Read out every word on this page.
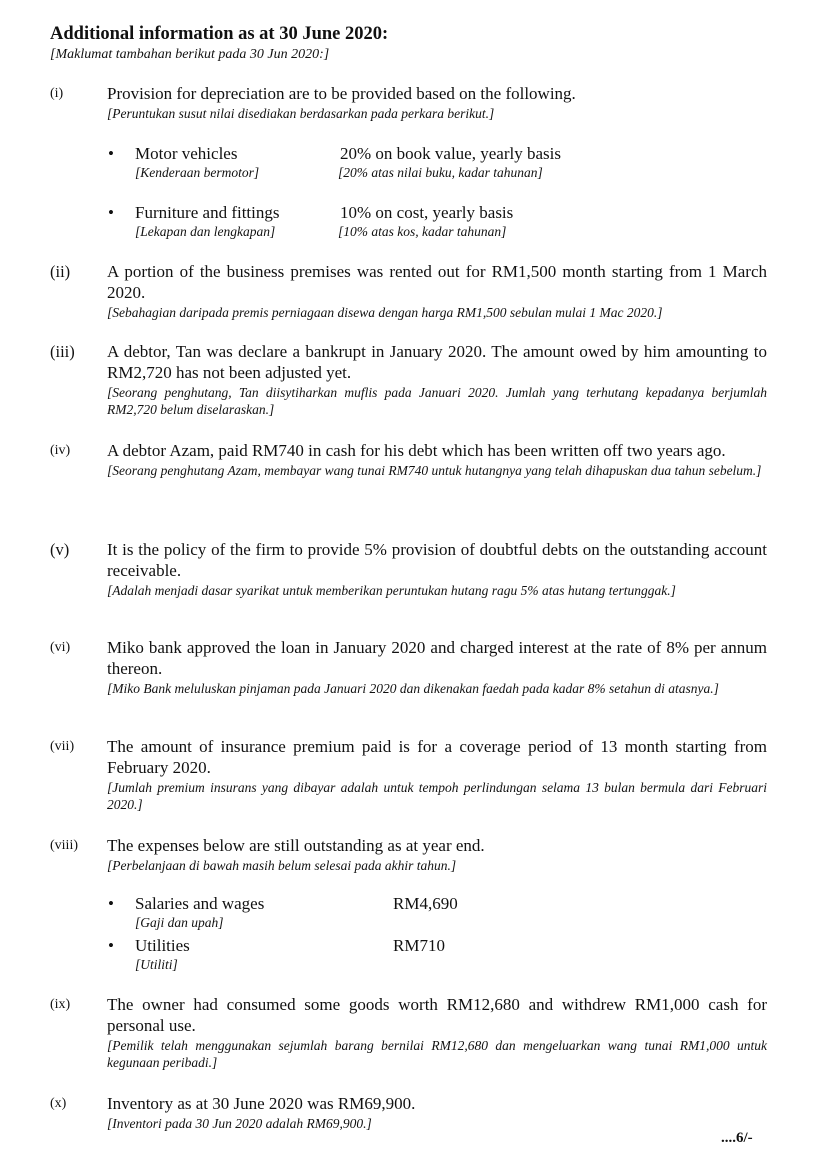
Additional information as at 30 June 2020:
[Maklumat tambahan berikut pada 30 Jun 2020:]
(i)	Provision for depreciation are to be provided based on the following.
[Peruntukan susut nilai disediakan berdasarkan pada perkara berikut.]
• Motor vehicles
[Kenderaan bermotor]
20% on book value, yearly basis
[20% atas nilai buku, kadar tahunan]
• Furniture and fittings
[Lekapan dan lengkapan]
10% on cost, yearly basis
[10% atas kos, kadar tahunan]
(ii) A portion of the business premises was rented out for RM1,500 month starting from 1 March 2020.
[Sebahagian daripada premis perniagaan disewa dengan harga RM1,500 sebulan mulai 1 Mac 2020.]
(iii) A debtor, Tan was declare a bankrupt in January 2020. The amount owed by him amounting to RM2,720 has not been adjusted yet.
[Seorang penghutang, Tan diisytiharkan muflis pada Januari 2020. Jumlah yang terhutang kepadanya berjumlah RM2,720 belum diselaraskan.]
(iv) A debtor Azam, paid RM740 in cash for his debt which has been written off two years ago.
[Seorang penghutang Azam, membayar wang tunai RM740 untuk hutangnya yang telah dihapuskan dua tahun sebelum.]
(v) It is the policy of the firm to provide 5% provision of doubtful debts on the outstanding account receivable.
[Adalah menjadi dasar syarikat untuk memberikan peruntukan hutang ragu 5% atas hutang tertunggak.]
(vi) Miko bank approved the loan in January 2020 and charged interest at the rate of 8% per annum thereon.
[Miko Bank meluluskan pinjaman pada Januari 2020 dan dikenakan faedah pada kadar 8% setahun di atasnya.]
(vii) The amount of insurance premium paid is for a coverage period of 13 month starting from February 2020.
[Jumlah premium insurans yang dibayar adalah untuk tempoh perlindungan selama 13 bulan bermula dari Februari 2020.]
(viii) The expenses below are still outstanding as at year end.
[Perbelanjaan di bawah masih belum selesai pada akhir tahun.]
• Salaries and wages
[Gaji dan upah]
RM4,690
• Utilities
[Utiliti]
RM710
(ix) The owner had consumed some goods worth RM12,680 and withdrew RM1,000 cash for personal use.
[Pemilik telah menggunakan sejumlah barang bernilai RM12,680 dan mengeluarkan wang tunai RM1,000 untuk kegunaan peribadi.]
(x) Inventory as at 30 June 2020 was RM69,900.
[Inventori pada 30 Jun 2020 adalah RM69,900.]
....6/-
